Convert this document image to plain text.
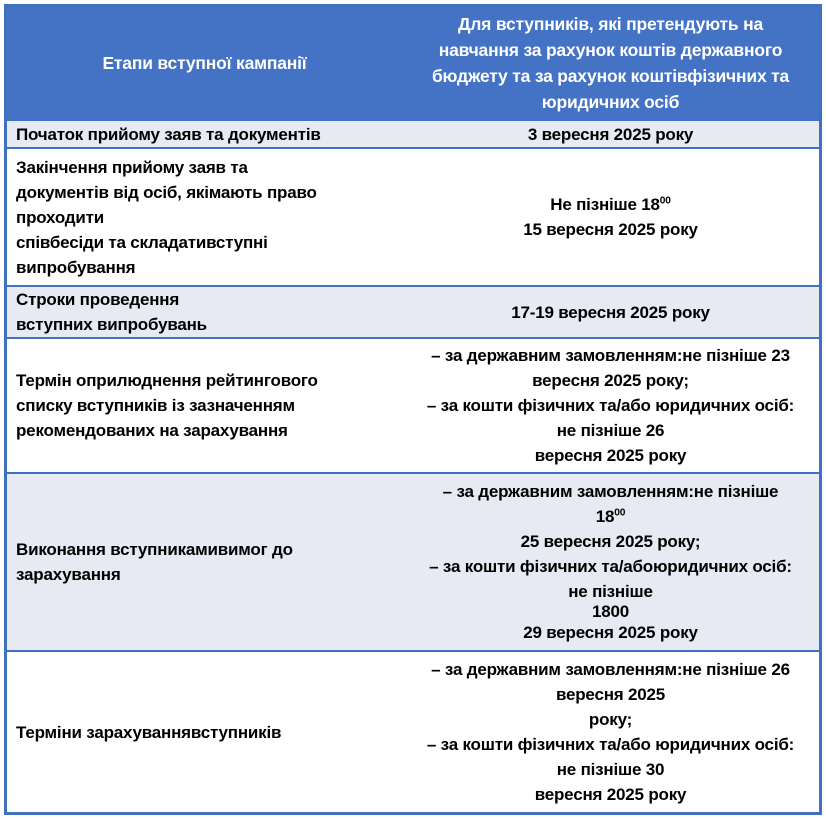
Етапи вступної кампанії
Для вступників, які претендують на
навчання за рахунок коштів державного
бюджету та за рахунок коштівфізичних та
юридичних осіб
Початок прийому заяв та документів	3 вересня 2025 року
Закінчення прийому заяв та
документів від осіб, якімають право
проходити
співбесіди та складативступні
випробування
Не пізніше $18^{00}$
15 вересня 2025 року
Строки проведення
вступних випробувань
17-19 вересня 2025 року
Термін оприлюднення рейтингового
списку вступників із зазначенням
рекомендованих на зарахування
– за державним замовленням:не пізніше 23
вересня 2025 року;
– за кошти фізичних та/або юридичних осіб:
не пізніше 26
вересня 2025 року
Виконання вступникамивимог до
зарахування
– за державним замовленням:не пізніше
$18^{00}$
25 вересня 2025 року;
– за кошти фізичних та/абоюридичних осіб:
не пізніше
1800
29 вересня 2025 року
Терміни зарахуваннявступників
– за державним замовленням:не пізніше 26
вересня 2025
року;
– за кошти фізичних та/або юридичних осіб:
не пізніше 30
вересня 2025 року
